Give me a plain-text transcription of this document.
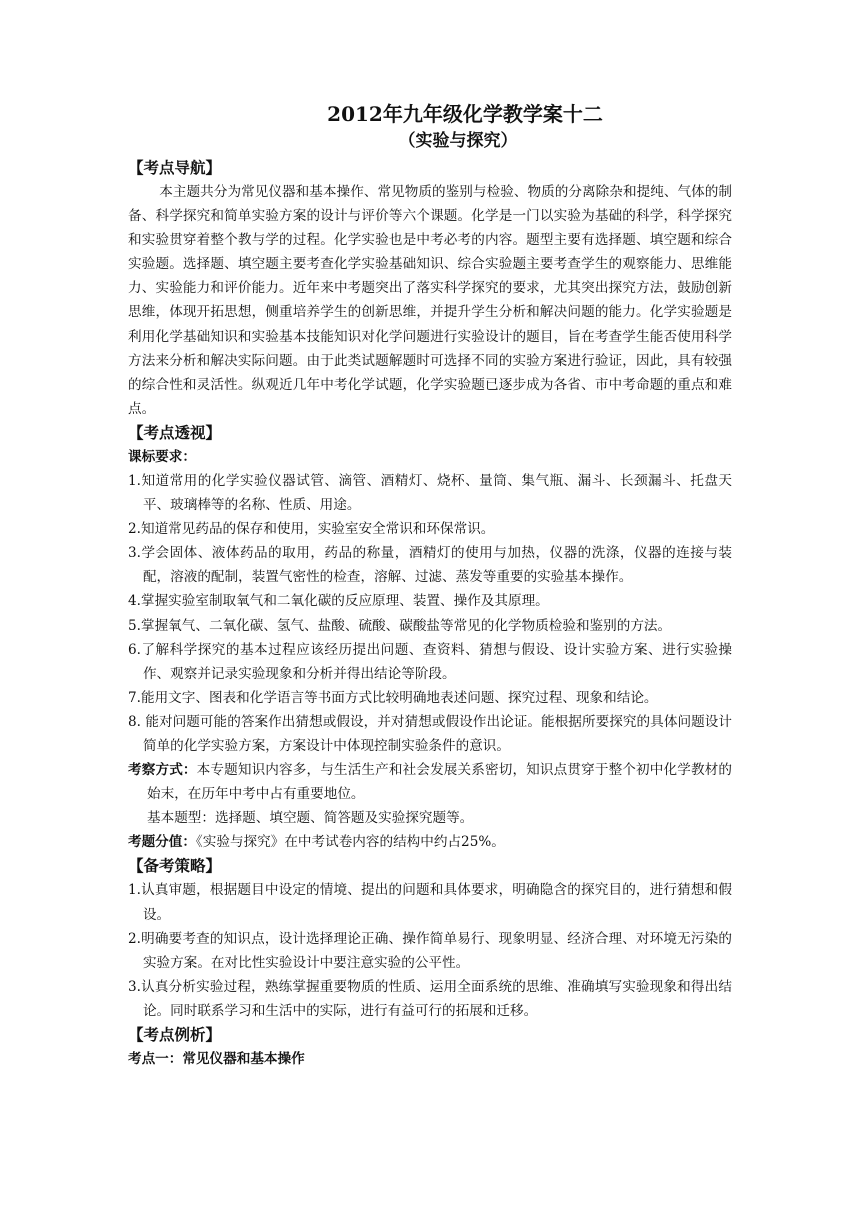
2012年九年级化学教学案十二
（实验与探究）
【考点导航】

本主题共分为常见仪器和基本操作、常见物质的鉴别与检验、物质的分离除杂和提纯、气体的制备、科学探究和简单实验方案的设计与评价等六个课题。化学是一门以实验为基础的科学，科学探究和实验贯穿着整个教与学的过程。化学实验也是中考必考的内容。题型主要有选择题、填空题和综合实验题。选择题、填空题主要考查化学实验基础知识、综合实验题主要考查学生的观察能力、思维能力、实验能力和评价能力。近年来中考题突出了落实科学探究的要求，尤其突出探究方法，鼓励创新思维，体现开拓思想，侧重培养学生的创新思维，并提升学生分析和解决问题的能力。化学实验题是利用化学基础知识和实验基本技能知识对化学问题进行实验设计的题目，旨在考查学生能否使用科学方法来分析和解决实际问题。由于此类试题解题时可选择不同的实验方案进行验证，因此，具有较强的综合性和灵活性。纵观近几年中考化学试题，化学实验题已逐步成为各省、市中考命题的重点和难点。

【考点透视】
课标要求：
1.知道常用的化学实验仪器试管、滴管、酒精灯、烧杯、量筒、集气瓶、漏斗、长颈漏斗、托盘天平、玻璃棒等的名称、性质、用途。
2.知道常见药品的保存和使用，实验室安全常识和环保常识。
3.学会固体、液体药品的取用，药品的称量，酒精灯的使用与加热，仪器的洗涤，仪器的连接与装配，溶液的配制，装置气密性的检查，溶解、过滤、蒸发等重要的实验基本操作。
4.掌握实验室制取氧气和二氧化碳的反应原理、装置、操作及其原理。
5.掌握氧气、二氧化碳、氢气、盐酸、硫酸、碳酸盐等常见的化学物质检验和鉴别的方法。
6.了解科学探究的基本过程应该经历提出问题、查资料、猜想与假设、设计实验方案、进行实验操作、观察并记录实验现象和分析并得出结论等阶段。
7.能用文字、图表和化学语言等书面方式比较明确地表述问题、探究过程、现象和结论。
8. 能对问题可能的答案作出猜想或假设，并对猜想或假设作出论证。能根据所要探究的具体问题设计简单的化学实验方案，方案设计中体现控制实验条件的意识。
考察方式：本专题知识内容多，与生活生产和社会发展关系密切，知识点贯穿于整个初中化学教材的始末，在历年中考中占有重要地位。
基本题型：选择题、填空题、简答题及实验探究题等。
考题分值：《实验与探究》在中考试卷内容的结构中约占25%。
【备考策略】
1.认真审题，根据题目中设定的情境、提出的问题和具体要求，明确隐含的探究目的，进行猜想和假设。
2.明确要考查的知识点，设计选择理论正确、操作简单易行、现象明显、经济合理、对环境无污染的实验方案。在对比性实验设计中要注意实验的公平性。
3.认真分析实验过程，熟练掌握重要物质的性质、运用全面系统的思维、准确填写实验现象和得出结论。同时联系学习和生活中的实际，进行有益可行的拓展和迁移。
【考点例析】
考点一：常见仪器和基本操作
